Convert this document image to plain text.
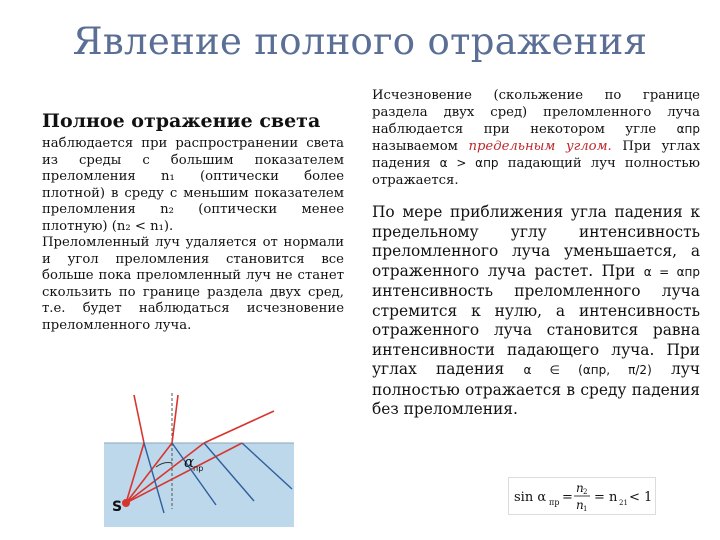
Явление полного отражения
Полное отражение света

наблюдается при распространении света из среды с большим показателем преломления n₁ (оптически более плотной) в среду с меньшим показателем преломления n₂ (оптически менее плотную) (n₂ < n₁).

Преломленный луч удаляется от нормали и угол преломления становится все больше пока преломленный луч не станет скользить по границе раздела двух сред, т.е. будет наблюдаться исчезновение преломленного луча.

Исчезновение (скольжение по границе раздела двух сред) преломленного луча наблюдается при некотором угле αпр называемом предельным углом. При углах падения α > αпр падающий луч полностью отражается.

По мере приближения угла падения к предельному углу интенсивность преломленного луча уменьшается, а отраженного луча растет. При α = αпр интенсивность преломленного луча стремится к нулю, а интенсивность отраженного луча становится равна интенсивности падающего луча. При углах падения α ∈ (αпр, π/2) луч полностью отражается в среду падения без преломления.

S
α
пр
sin α пр =
n 2
n 1
= n 21 < 1
